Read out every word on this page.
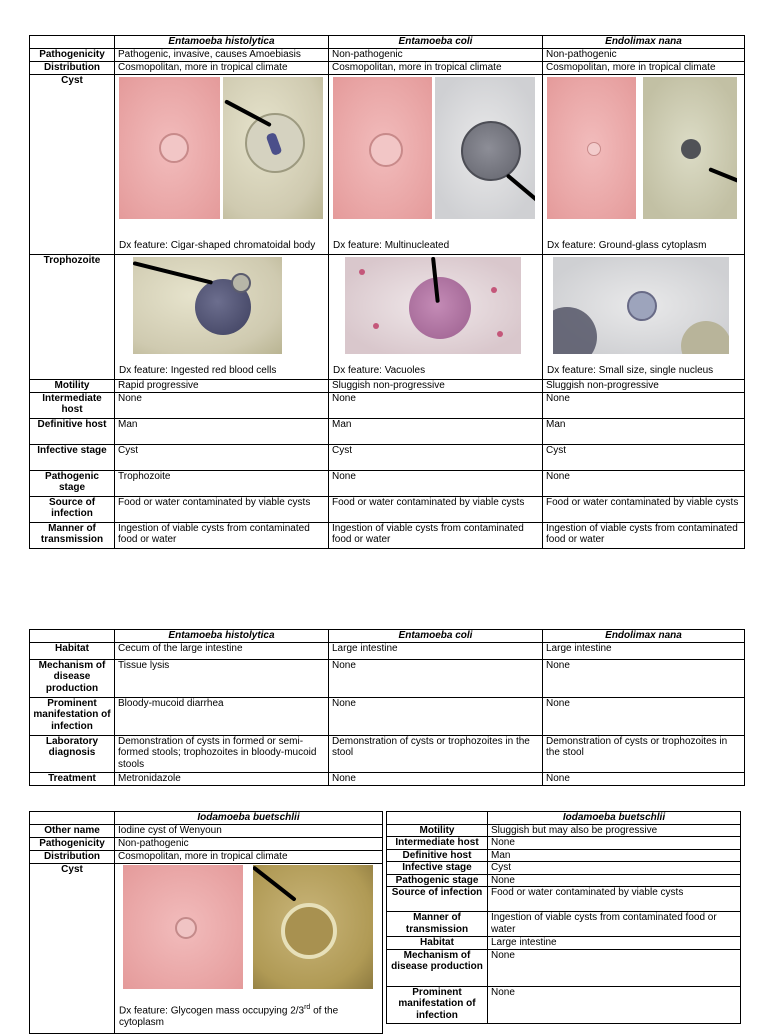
	Entamoeba histolytica	Entamoeba coli	Endolimax nana
Pathogenicity	Pathogenic, invasive, causes Amoebiasis	Non-pathogenic	Non-pathogenic
Distribution	Cosmopolitan, more in tropical climate	Cosmopolitan, more in tropical climate	Cosmopolitan, more in tropical climate
Cyst	Dx feature: Cigar-shaped chromatoidal body	Dx feature: Multinucleated	Dx feature: Ground-glass cytoplasm

Trophozoite	Dx feature: Ingested red blood cells	Dx feature: Vacuoles	Dx feature: Small size, single nucleus

Motility	Rapid progressive	Sluggish non-progressive	Sluggish non-progressive
Intermediate host	None	None	None
Definitive host	Man	Man	Man
Infective stage	Cyst	Cyst	Cyst
Pathogenic stage	Trophozoite	None	None
Source of infection	Food or water contaminated by viable cysts	Food or water contaminated by viable cysts	Food or water contaminated by viable cysts
Manner of transmission	Ingestion of viable cysts from contaminated food or water	Ingestion of viable cysts from contaminated food or water	Ingestion of viable cysts from contaminated food or water
	Entamoeba histolytica	Entamoeba coli	Endolimax nana
Habitat	Cecum of the large intestine	Large intestine	Large intestine
Mechanism of disease production	Tissue lysis	None	None
Prominent manifestation of infection	Bloody-mucoid diarrhea	None	None
Laboratory diagnosis	Demonstration of cysts in formed or semi-formed stools; trophozoites in bloody-mucoid stools	Demonstration of cysts or trophozoites in the stool	Demonstration of cysts or trophozoites in the stool
Treatment	Metronidazole	None	None
	Iodamoeba buetschlii
Other name	Iodine cyst of Wenyoun
Pathogenicity	Non-pathogenic
Distribution	Cosmopolitan, more in tropical climate
Cyst	Dx feature: Glycogen mass occupying 2/3rd of the cytoplasm
	Iodamoeba buetschlii
Motility	Sluggish but may also be progressive
Intermediate host	None
Definitive host	Man
Infective stage	Cyst
Pathogenic stage	None
Source of infection	Food or water contaminated by viable cysts
Manner of transmission	Ingestion of viable cysts from contaminated food or water
Habitat	Large intestine
Mechanism of disease production	None
Prominent manifestation of infection	None
